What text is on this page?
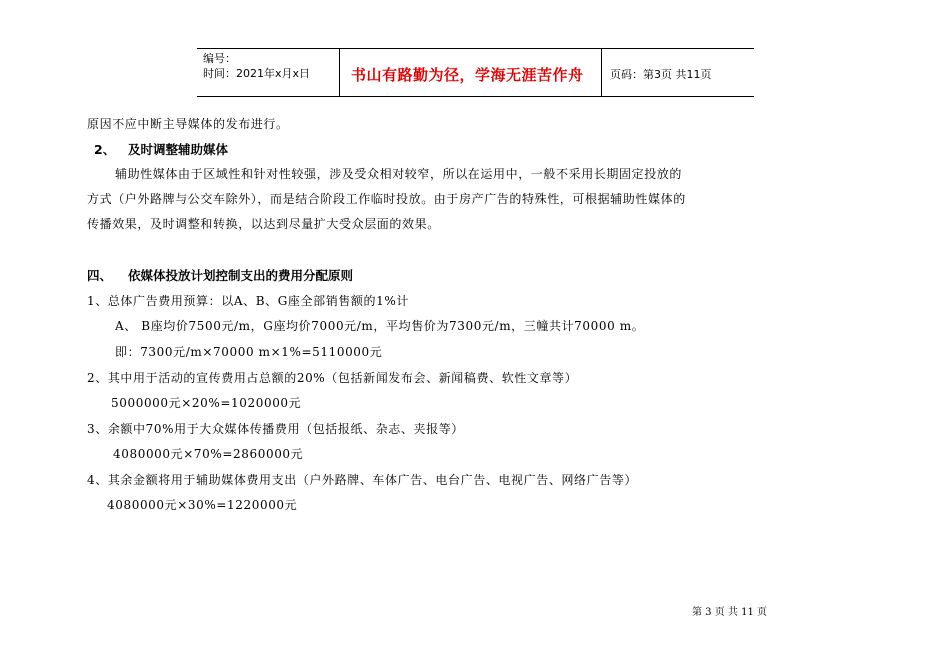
编号：
时间：2021年x月x日	书山有路勤为径，学海无涯苦作舟 页码：第3页 共11页
原因不应中断主导媒体的发布进行。
2、 及时调整辅助媒体
辅助性媒体由于区域性和针对性较强，涉及受众相对较窄，所以在运用中，一般不采用长期固定投放的
方式（户外路牌与公交车除外），而是结合阶段工作临时投放。由于房产广告的特殊性，可根据辅助性媒体的
传播效果，及时调整和转换，以达到尽量扩大受众层面的效果。
四、 依媒体投放计划控制支出的费用分配原则
1、总体广告费用预算：以A、B、G座全部销售额的1%计
A、 B座均价7500元/m，G座均价7000元/m，平均售价为7300元/m，三幢共计70000 m。
即：7300元/m×70000 m×1%=5110000元
2、其中用于活动的宣传费用占总额的20%（包括新闻发布会、新闻稿费、软性文章等）
5000000元×20%=1020000元
3、余额中70%用于大众媒体传播费用（包括报纸、杂志、夹报等）
4080000元×70%=2860000元
4、其余金额将用于辅助媒体费用支出（户外路牌、车体广告、电台广告、电视广告、网络广告等）
4080000元×30%=1220000元
第 3 页 共 11 页
